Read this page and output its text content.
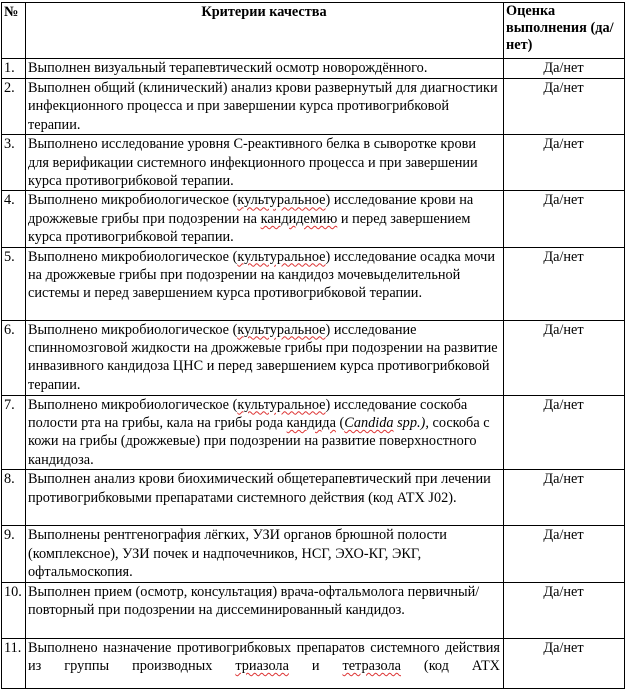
№	Критерии качества	Оценка выполнения (да/нет)
1.	Выполнен визуальный терапевтический осмотр новорождённого.	Да/нет
2.	Выполнен общий (клинический) анализ крови развернутый для диагностики инфекционного процесса и при завершении курса противогрибковой терапии.	Да/нет
3.	Выполнено исследование уровня С-реактивного белка в сыворотке крови для верификации системного инфекционного процесса и при завершении курса противогрибковой терапии.	Да/нет
4.	Выполнено микробиологическое (культуральное) исследование крови на дрожжевые грибы при подозрении на кандидемию и перед завершением курса противогрибковой терапии.	Да/нет
5.	Выполнено микробиологическое (культуральное) исследование осадка мочи на дрожжевые грибы при подозрении на кандидоз мочевыделительной системы и перед завершением курса противогрибковой терапии.	Да/нет
6.	Выполнено микробиологическое (культуральное) исследование спинномозговой жидкости на дрожжевые грибы при подозрении на развитие инвазивного кандидоза ЦНС и перед завершением курса противогрибковой терапии.	Да/нет
7.	Выполнено микробиологическое (культуральное) исследование соскоба полости рта на грибы, кала на грибы рода кандида (Candida spp.), соскоба с кожи на грибы (дрожжевые) при подозрении на развитие поверхностного кандидоза.	Да/нет
8.	Выполнен анализ крови биохимический общетерапевтический при лечении противогрибковыми препаратами системного действия (код АТХ J02).	Да/нет
9.	Выполнены рентгенография лёгких, УЗИ органов брюшной полости (комплексное), УЗИ почек и надпочечников, НСГ, ЭХО-КГ, ЭКГ, офтальмоскопия.	Да/нет
10.	Выполнен прием (осмотр, консультация) врача-офтальмолога первичный/повторный при подозрении на диссеминированный кандидоз.	Да/нет
11.	Выполнено назначение противогрибковых препаратов системного действия из группы производных триазола и тетразола (код АТХ	Да/нет
